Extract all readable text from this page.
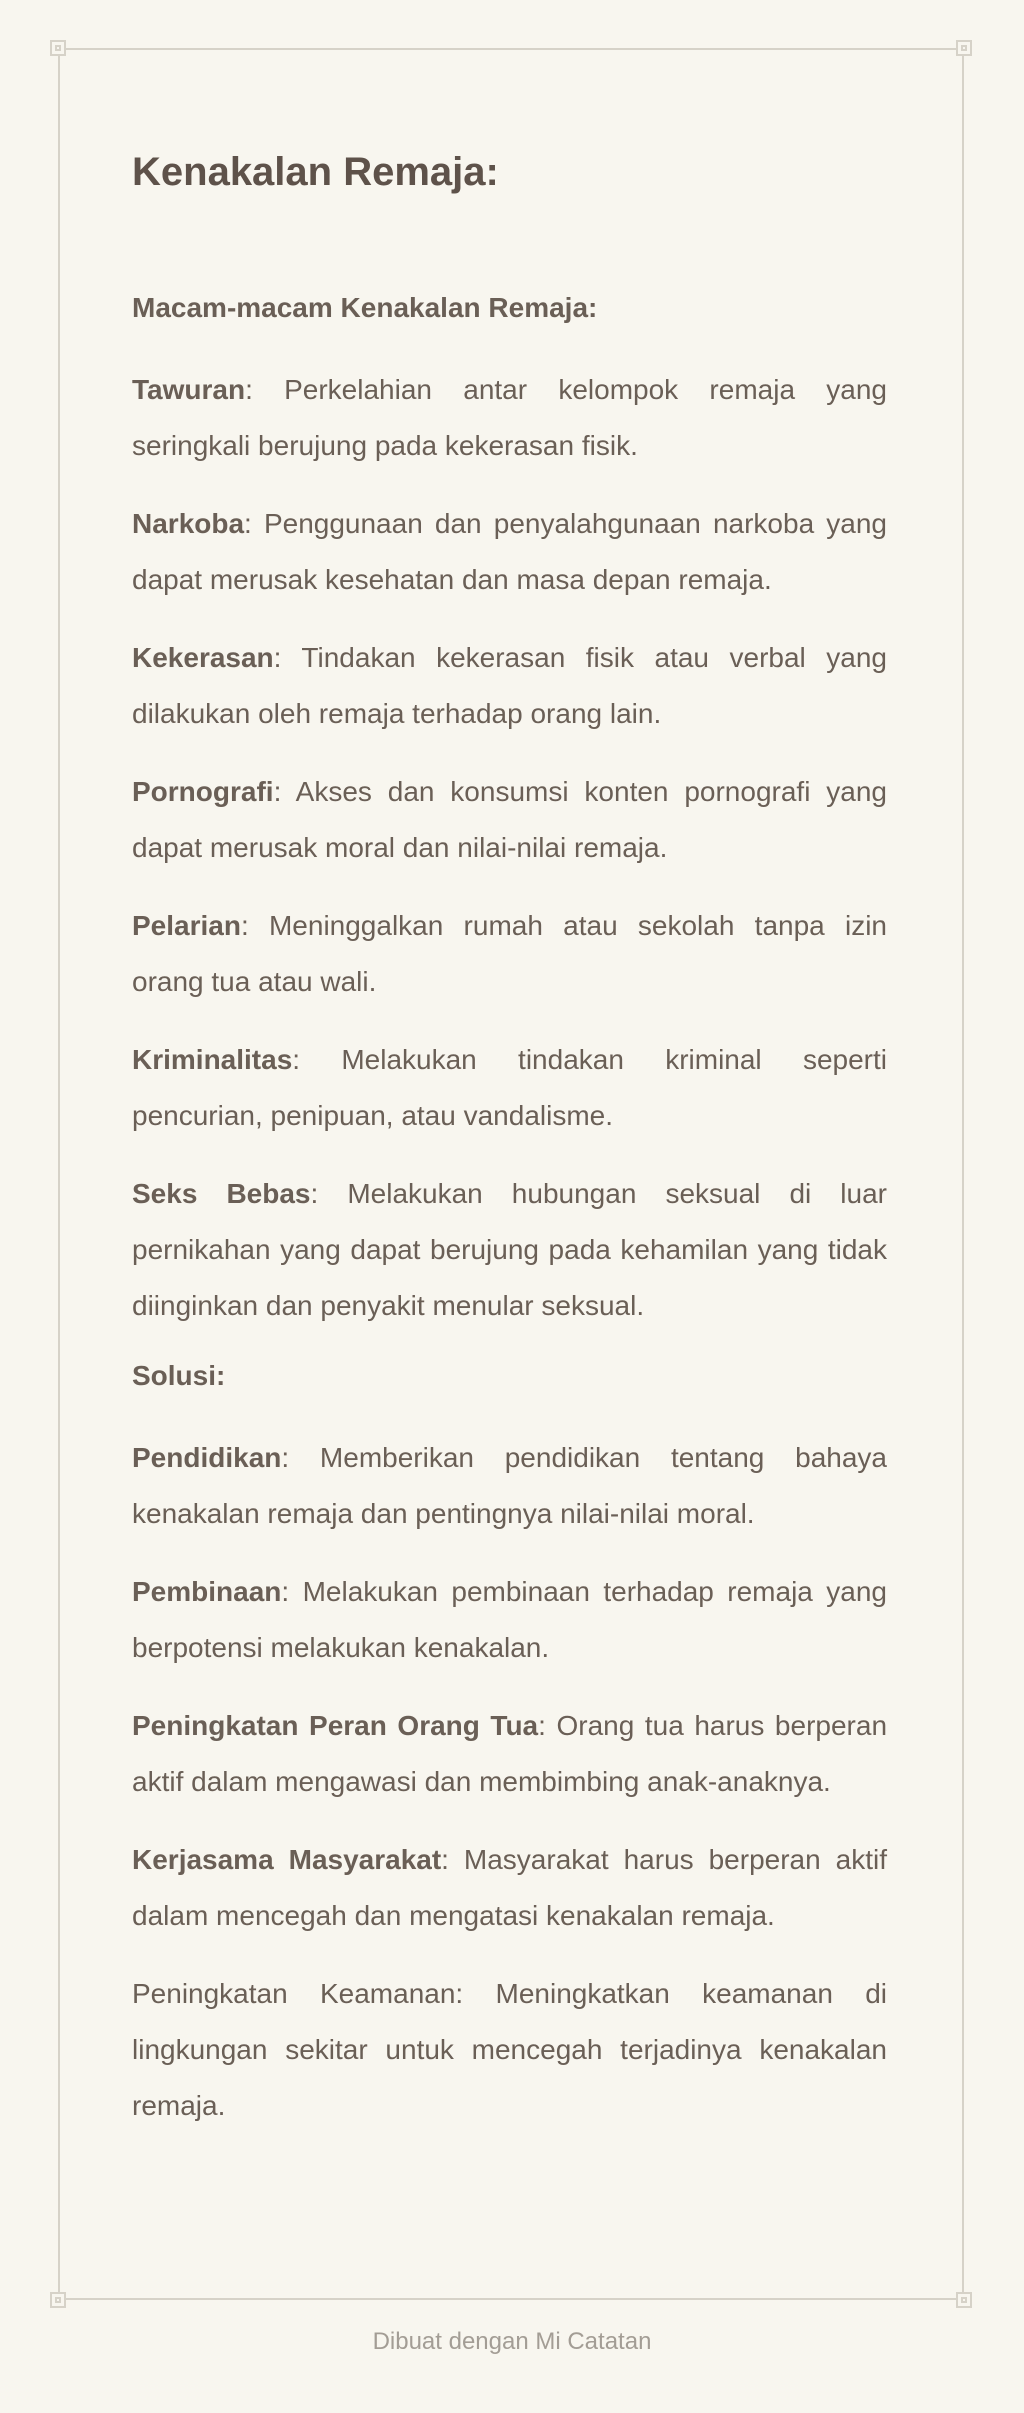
Kenakalan Remaja:
Macam-macam Kenakalan Remaja:

Tawuran: Perkelahian antar kelompok remaja yang seringkali berujung pada kekerasan fisik.

Narkoba: Penggunaan dan penyalahgunaan narkoba yang dapat merusak kesehatan dan masa depan remaja.

Kekerasan: Tindakan kekerasan fisik atau verbal yang dilakukan oleh remaja terhadap orang lain.

Pornografi: Akses dan konsumsi konten pornografi yang dapat merusak moral dan nilai-nilai remaja.

Pelarian: Meninggalkan rumah atau sekolah tanpa izin orang tua atau wali.

Kriminalitas: Melakukan tindakan kriminal seperti pencurian, penipuan, atau vandalisme.

Seks Bebas: Melakukan hubungan seksual di luar pernikahan yang dapat berujung pada kehamilan yang tidak diinginkan dan penyakit menular seksual.

Solusi:

Pendidikan: Memberikan pendidikan tentang bahaya kenakalan remaja dan pentingnya nilai-nilai moral.

Pembinaan: Melakukan pembinaan terhadap remaja yang berpotensi melakukan kenakalan.

Peningkatan Peran Orang Tua: Orang tua harus berperan aktif dalam mengawasi dan membimbing anak-anaknya.

Kerjasama Masyarakat: Masyarakat harus berperan aktif dalam mencegah dan mengatasi kenakalan remaja.

Peningkatan Keamanan: Meningkatkan keamanan di lingkungan sekitar untuk mencegah terjadinya kenakalan remaja.

Dibuat dengan Mi Catatan
